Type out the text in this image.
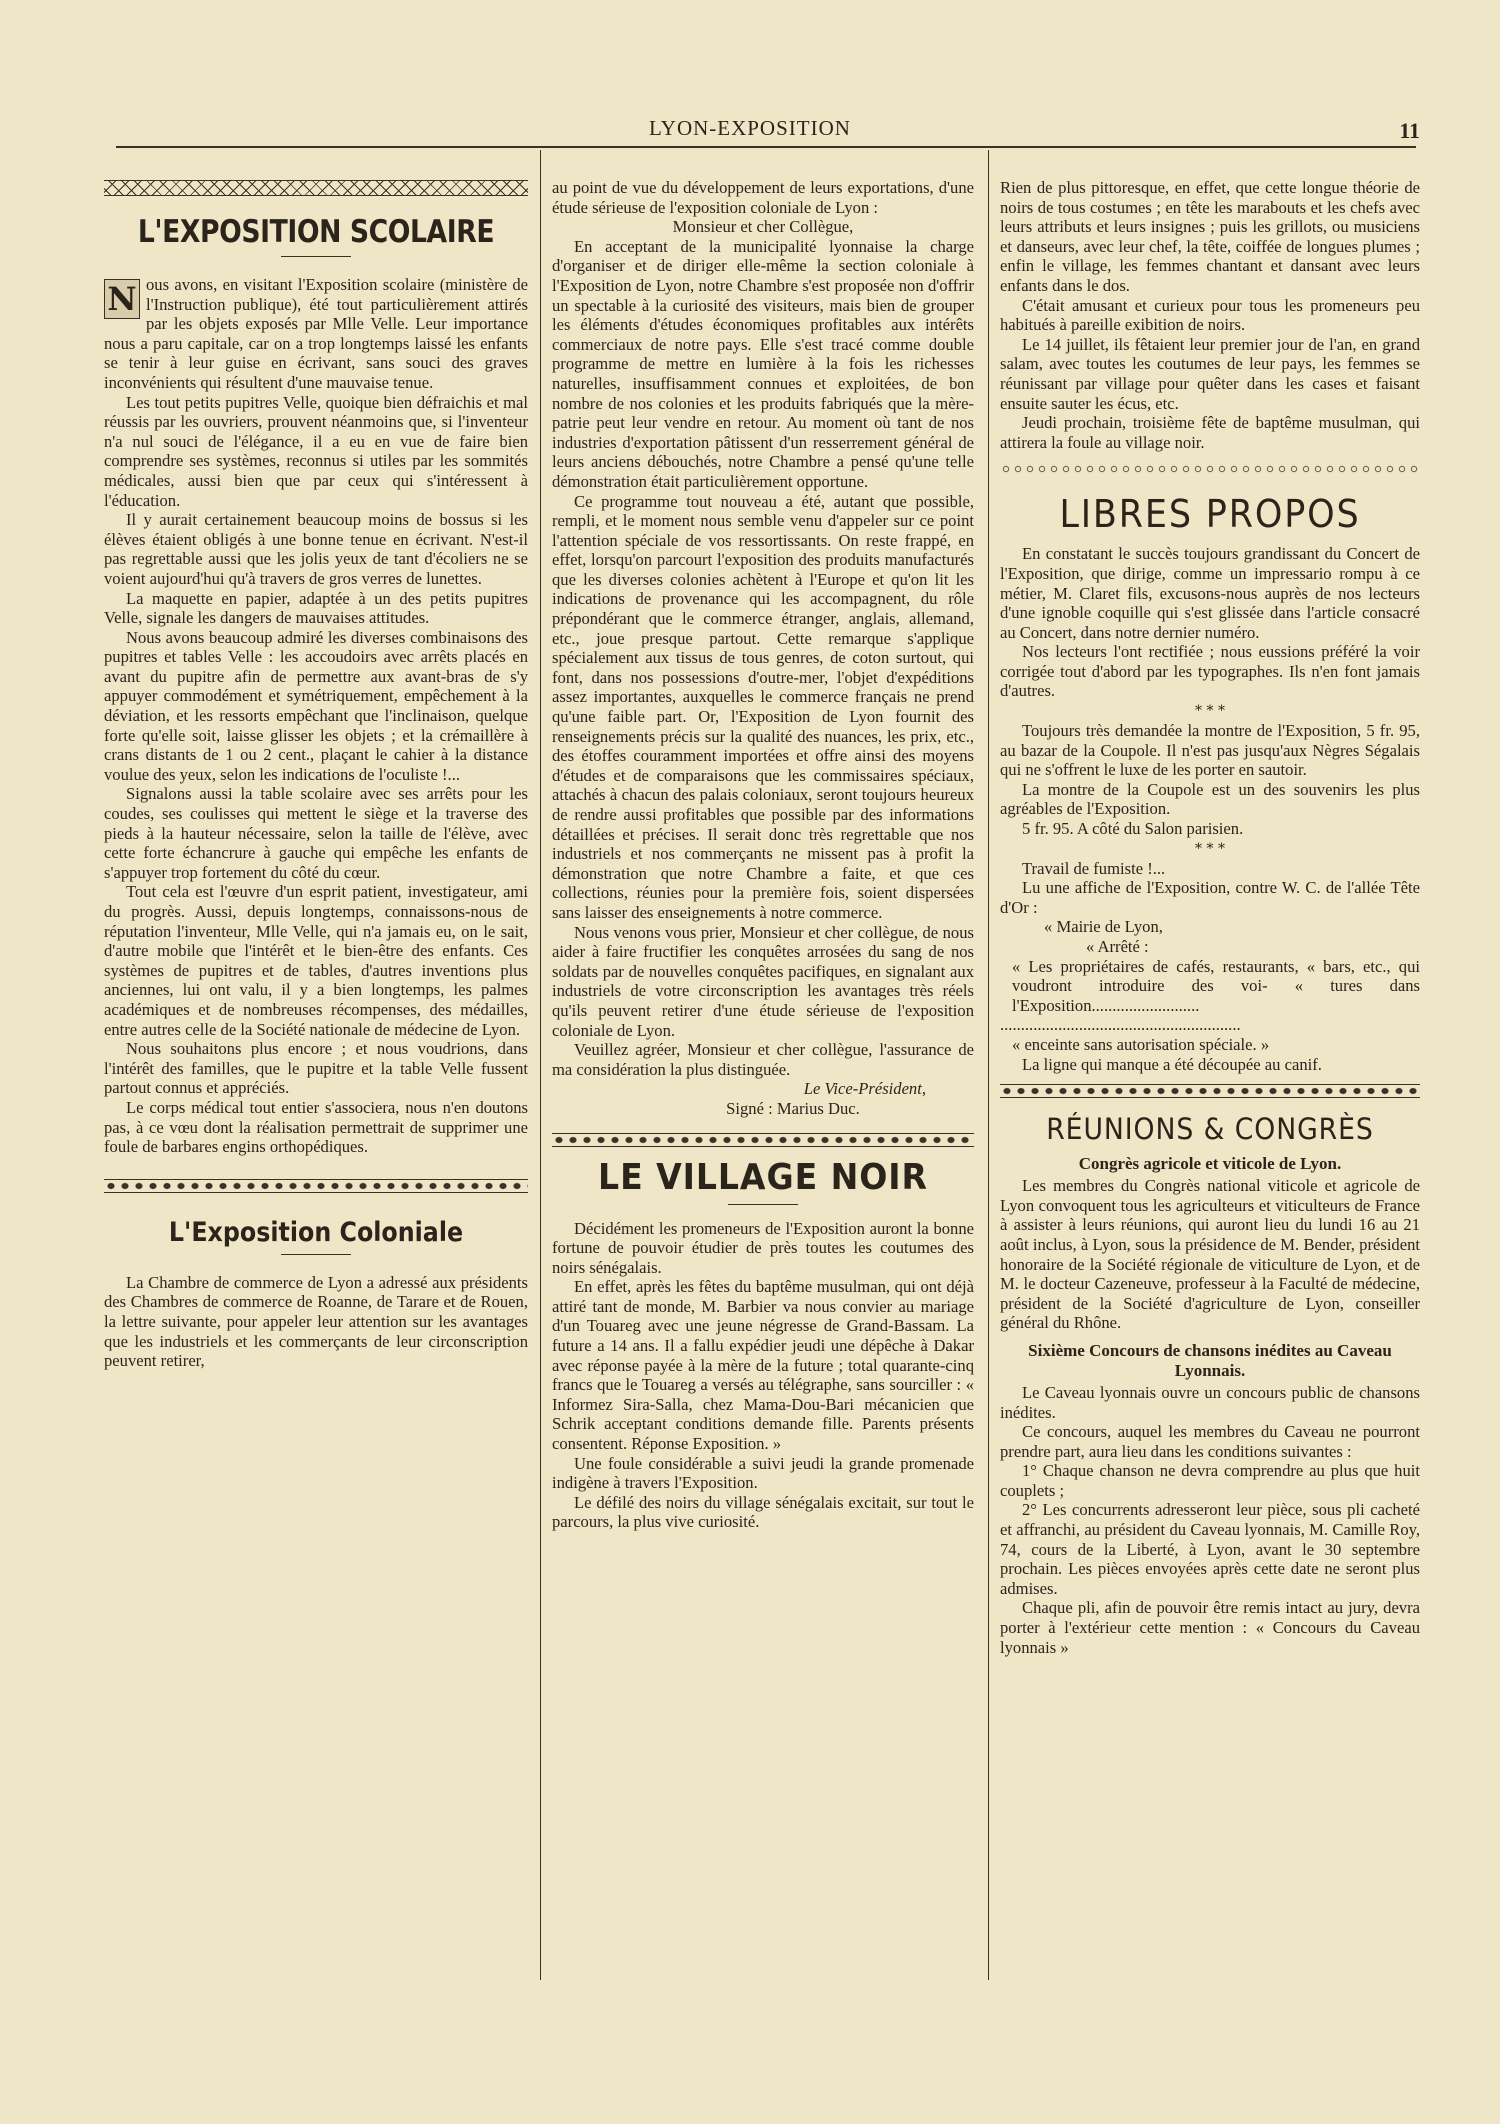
LYON-EXPOSITION	11
L'EXPOSITION SCOLAIRE

N ous avons, en visitant l'Exposition scolaire (ministère de l'Instruction publique), été tout particulièrement attirés par les objets exposés par Mlle Velle. Leur importance nous a paru capitale, car on a trop longtemps laissé les enfants se tenir à leur guise en écrivant, sans souci des graves inconvénients qui résultent d'une mauvaise tenue.

Les tout petits pupitres Velle, quoique bien défraichis et mal réussis par les ouvriers, prouvent néanmoins que, si l'inventeur n'a nul souci de l'élégance, il a eu en vue de faire bien comprendre ses systèmes, reconnus si utiles par les sommités médicales, aussi bien que par ceux qui s'intéressent à l'éducation.

Il y aurait certainement beaucoup moins de bossus si les élèves étaient obligés à une bonne tenue en écrivant. N'est-il pas regrettable aussi que les jolis yeux de tant d'écoliers ne se voient aujourd'hui qu'à travers de gros verres de lunettes.

La maquette en papier, adaptée à un des petits pupitres Velle, signale les dangers de mauvaises attitudes.

Nous avons beaucoup admiré les diverses combinaisons des pupitres et tables Velle : les accoudoirs avec arrêts placés en avant du pupitre afin de permettre aux avant-bras de s'y appuyer commodément et symétriquement, empêchement à la déviation, et les ressorts empêchant que l'inclinaison, quelque forte qu'elle soit, laisse glisser les objets ; et la crémaillère à crans distants de 1 ou 2 cent., plaçant le cahier à la distance voulue des yeux, selon les indications de l'oculiste !...

Signalons aussi la table scolaire avec ses arrêts pour les coudes, ses coulisses qui mettent le siège et la traverse des pieds à la hauteur nécessaire, selon la taille de l'élève, avec cette forte échancrure à gauche qui empêche les enfants de s'appuyer trop fortement du côté du cœur.

Tout cela est l'œuvre d'un esprit patient, investigateur, ami du progrès. Aussi, depuis longtemps, connaissons-nous de réputation l'inventeur, Mlle Velle, qui n'a jamais eu, on le sait, d'autre mobile que l'intérêt et le bien-être des enfants. Ces systèmes de pupitres et de tables, d'autres inventions plus anciennes, lui ont valu, il y a bien longtemps, les palmes académiques et de nombreuses récompenses, des médailles, entre autres celle de la Société nationale de médecine de Lyon.

Nous souhaitons plus encore ; et nous voudrions, dans l'intérêt des familles, que le pupitre et la table Velle fussent partout connus et appréciés.

Le corps médical tout entier s'associera, nous n'en doutons pas, à ce vœu dont la réalisation permettrait de supprimer une foule de barbares engins orthopédiques.

L'Exposition Coloniale

La Chambre de commerce de Lyon a adressé aux présidents des Chambres de commerce de Roanne, de Tarare et de Rouen, la lettre suivante, pour appeler leur attention sur les avantages que les industriels et les commerçants de leur circonscription peuvent retirer,

au point de vue du développement de leurs exportations, d'une étude sérieuse de l'exposition coloniale de Lyon :

Monsieur et cher Collègue,

En acceptant de la municipalité lyonnaise la charge d'organiser et de diriger elle-même la section coloniale à l'Exposition de Lyon, notre Chambre s'est proposée non d'offrir un spectable à la curiosité des visiteurs, mais bien de grouper les éléments d'études économiques profitables aux intérêts commerciaux de notre pays. Elle s'est tracé comme double programme de mettre en lumière à la fois les richesses naturelles, insuffisamment connues et exploitées, de bon nombre de nos colonies et les produits fabriqués que la mère-patrie peut leur vendre en retour. Au moment où tant de nos industries d'exportation pâtissent d'un resserrement général de leurs anciens débouchés, notre Chambre a pensé qu'une telle démonstration était particulièrement opportune.

Ce programme tout nouveau a été, autant que possible, rempli, et le moment nous semble venu d'appeler sur ce point l'attention spéciale de vos ressortissants. On reste frappé, en effet, lorsqu'on parcourt l'exposition des produits manufacturés que les diverses colonies achètent à l'Europe et qu'on lit les indications de provenance qui les accompagnent, du rôle prépondérant que le commerce étranger, anglais, allemand, etc., joue presque partout. Cette remarque s'applique spécialement aux tissus de tous genres, de coton surtout, qui font, dans nos possessions d'outre-mer, l'objet d'expéditions assez importantes, auxquelles le commerce français ne prend qu'une faible part. Or, l'Exposition de Lyon fournit des renseignements précis sur la qualité des nuances, les prix, etc., des étoffes couramment importées et offre ainsi des moyens d'études et de comparaisons que les commissaires spéciaux, attachés à chacun des palais coloniaux, seront toujours heureux de rendre aussi profitables que possible par des informations détaillées et précises. Il serait donc très regrettable que nos industriels et nos commerçants ne missent pas à profit la démonstration que notre Chambre a faite, et que ces collections, réunies pour la première fois, soient dispersées sans laisser des enseignements à notre commerce.

Nous venons vous prier, Monsieur et cher collègue, de nous aider à faire fructifier les conquêtes arrosées du sang de nos soldats par de nouvelles conquêtes pacifiques, en signalant aux industriels de votre circonscription les avantages très réels qu'ils peuvent retirer d'une étude sérieuse de l'exposition coloniale de Lyon.

Veuillez agréer, Monsieur et cher collègue, l'assurance de ma considération la plus distinguée.

Le Vice-Président,

Signé : Marius Duc.

LE VILLAGE NOIR

Décidément les promeneurs de l'Exposition auront la bonne fortune de pouvoir étudier de près toutes les coutumes des noirs sénégalais.

En effet, après les fêtes du baptême musulman, qui ont déjà attiré tant de monde, M. Barbier va nous convier au mariage d'un Touareg avec une jeune négresse de Grand-Bassam. La future a 14 ans. Il a fallu expédier jeudi une dépêche à Dakar avec réponse payée à la mère de la future ; total quarante-cinq francs que le Touareg a versés au télégraphe, sans sourciller : « Informez Sira-Salla, chez Mama-Dou-Bari mécanicien que Schrik acceptant conditions demande fille. Parents présents consentent. Réponse Exposition. »

Une foule considérable a suivi jeudi la grande promenade indigène à travers l'Exposition.

Le défilé des noirs du village sénégalais excitait, sur tout le parcours, la plus vive curiosité.

Rien de plus pittoresque, en effet, que cette longue théorie de noirs de tous costumes ; en tête les marabouts et les chefs avec leurs attributs et leurs insignes ; puis les grillots, ou musiciens et danseurs, avec leur chef, la tête, coiffée de longues plumes ; enfin le village, les femmes chantant et dansant avec leurs enfants dans le dos.

C'était amusant et curieux pour tous les promeneurs peu habitués à pareille exibition de noirs.

Le 14 juillet, ils fêtaient leur premier jour de l'an, en grand salam, avec toutes les coutumes de leur pays, les femmes se réunissant par village pour quêter dans les cases et faisant ensuite sauter les écus, etc.

Jeudi prochain, troisième fête de baptême musulman, qui attirera la foule au village noir.

LIBRES PROPOS

En constatant le succès toujours grandissant du Concert de l'Exposition, que dirige, comme un impressario rompu à ce métier, M. Claret fils, excusons-nous auprès de nos lecteurs d'une ignoble coquille qui s'est glissée dans l'article consacré au Concert, dans notre dernier numéro.

Nos lecteurs l'ont rectifiée ; nous eussions préféré la voir corrigée tout d'abord par les typographes. Ils n'en font jamais d'autres.

* * *

Toujours très demandée la montre de l'Exposition, 5 fr. 95, au bazar de la Coupole. Il n'est pas jusqu'aux Nègres Ségalais qui ne s'offrent le luxe de les porter en sautoir.

La montre de la Coupole est un des souvenirs les plus agréables de l'Exposition.

5 fr. 95. A côté du Salon parisien.

* * *

Travail de fumiste !...

Lu une affiche de l'Exposition, contre W. C. de l'allée Tête d'Or :

« Mairie de Lyon,

« Arrêté :

« Les propriétaires de cafés, restaurants, « bars, etc., qui voudront introduire des voi- « tures dans l'Exposition..........................

..........................................................

« enceinte sans autorisation spéciale. »

La ligne qui manque a été découpée au canif.

RÉUNIONS & CONGRÈS
Congrès agricole et viticole de Lyon.

Les membres du Congrès national viticole et agricole de Lyon convoquent tous les agriculteurs et viticulteurs de France à assister à leurs réunions, qui auront lieu du lundi 16 au 21 août inclus, à Lyon, sous la présidence de M. Bender, président honoraire de la Société régionale de viticulture de Lyon, et de M. le docteur Cazeneuve, professeur à la Faculté de médecine, président de la Société d'agriculture de Lyon, conseiller général du Rhône.

Sixième Concours de chansons inédites au Caveau Lyonnais.

Le Caveau lyonnais ouvre un concours public de chansons inédites.

Ce concours, auquel les membres du Caveau ne pourront prendre part, aura lieu dans les conditions suivantes :

1° Chaque chanson ne devra comprendre au plus que huit couplets ;

2° Les concurrents adresseront leur pièce, sous pli cacheté et affranchi, au président du Caveau lyonnais, M. Camille Roy, 74, cours de la Liberté, à Lyon, avant le 30 septembre prochain. Les pièces envoyées après cette date ne seront plus admises.

Chaque pli, afin de pouvoir être remis intact au jury, devra porter à l'extérieur cette mention : « Concours du Caveau lyonnais »
